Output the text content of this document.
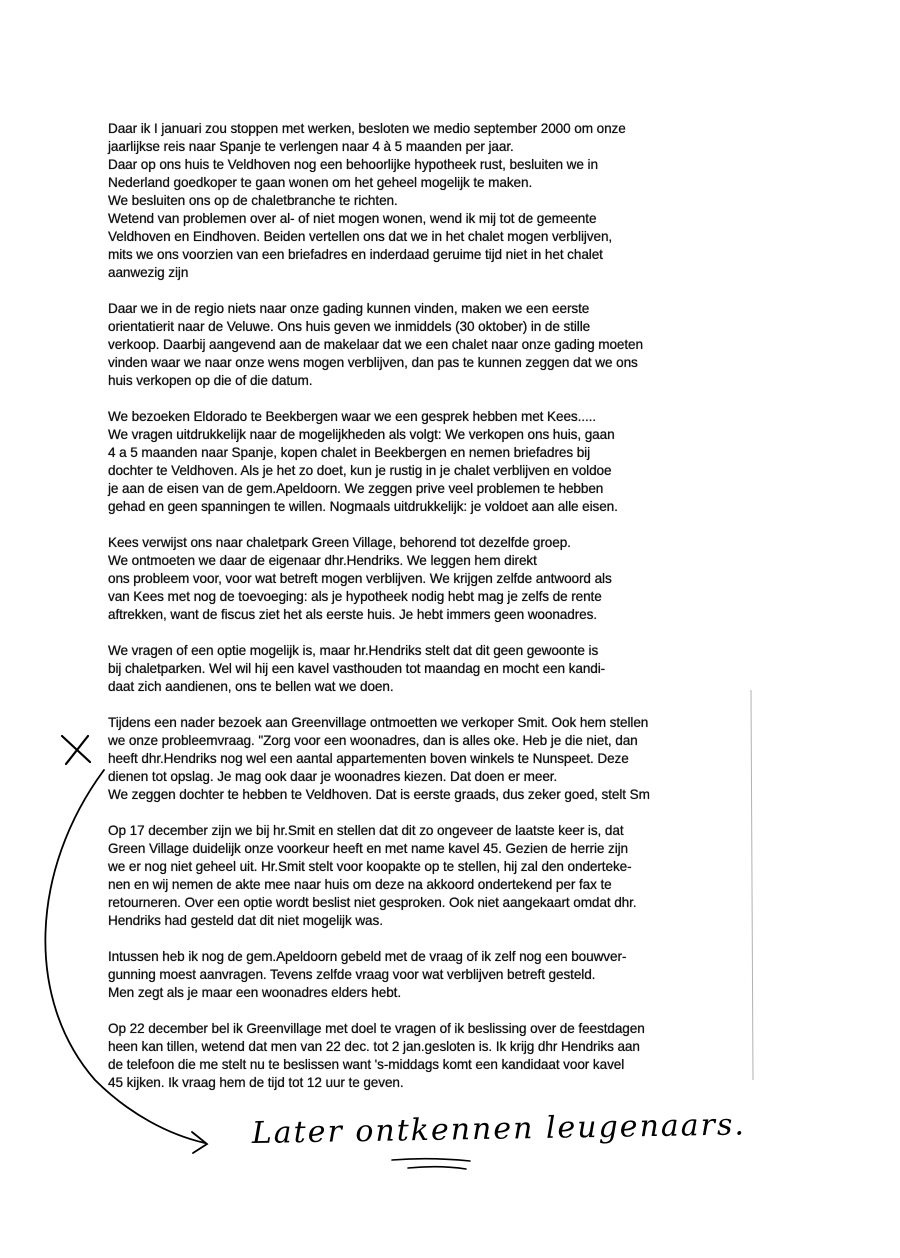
Daar ik I januari zou stoppen met werken, besloten we medio september 2000 om onze
jaarlijkse reis naar Spanje te verlengen naar 4 à 5 maanden per jaar.
Daar op ons huis te Veldhoven nog een behoorlijke hypotheek rust, besluiten we in
Nederland goedkoper te gaan wonen om het geheel mogelijk te maken.
We besluiten ons op de chaletbranche te richten.
Wetend van problemen over al- of niet mogen wonen, wend ik mij tot de gemeente
Veldhoven en Eindhoven. Beiden vertellen ons dat we in het chalet mogen verblijven,
mits we ons voorzien van een briefadres en inderdaad geruime tijd niet in het chalet
aanwezig zijn
Daar we in de regio niets naar onze gading kunnen vinden, maken we een eerste
orientatierit naar de Veluwe. Ons huis geven we inmiddels (30 oktober) in de stille
verkoop. Daarbij aangevend aan de makelaar dat we een chalet naar onze gading moeten
vinden waar we naar onze wens mogen verblijven, dan pas te kunnen zeggen dat we ons
huis verkopen op die of die datum.
We bezoeken Eldorado te Beekbergen waar we een gesprek hebben met Kees.....
We vragen uitdrukkelijk naar de mogelijkheden als volgt: We verkopen ons huis, gaan
4 a 5 maanden naar Spanje, kopen chalet in Beekbergen en nemen briefadres bij
dochter te Veldhoven. Als je het zo doet, kun je rustig in je chalet verblijven en voldoe
je aan de eisen van de gem.Apeldoorn. We zeggen prive veel problemen te hebben
gehad en geen spanningen te willen. Nogmaals uitdrukkelijk: je voldoet aan alle eisen.
Kees verwijst ons naar chaletpark Green Village, behorend tot dezelfde groep.
We ontmoeten we daar de eigenaar dhr.Hendriks. We leggen hem direkt
ons probleem voor, voor wat betreft mogen verblijven. We krijgen zelfde antwoord als
van Kees met nog de toevoeging: als je hypotheek nodig hebt mag je zelfs de rente
aftrekken, want de fiscus ziet het als eerste huis. Je hebt immers geen woonadres.
We vragen of een optie mogelijk is, maar hr.Hendriks stelt dat dit geen gewoonte is
bij chaletparken. Wel wil hij een kavel vasthouden tot maandag en mocht een kandi-
daat zich aandienen, ons te bellen wat we doen.
Tijdens een nader bezoek aan Greenvillage ontmoetten we verkoper Smit. Ook hem stellen
we onze probleemvraag. "Zorg voor een woonadres, dan is alles oke. Heb je die niet, dan
heeft dhr.Hendriks nog wel een aantal appartementen boven winkels te Nunspeet. Deze
dienen tot opslag. Je mag ook daar je woonadres kiezen. Dat doen er meer.
We zeggen dochter te hebben te Veldhoven. Dat is eerste graads, dus zeker goed, stelt Sm
Op 17 december zijn we bij hr.Smit en stellen dat dit zo ongeveer de laatste keer is, dat
Green Village duidelijk onze voorkeur heeft en met name kavel 45. Gezien de herrie zijn
we er nog niet geheel uit. Hr.Smit stelt voor koopakte op te stellen, hij zal den onderteke-
nen en wij nemen de akte mee naar huis om deze na akkoord ondertekend per fax te
retourneren. Over een optie wordt beslist niet gesproken. Ook niet aangekaart omdat dhr.
Hendriks had gesteld dat dit niet mogelijk was.
Intussen heb ik nog de gem.Apeldoorn gebeld met de vraag of ik zelf nog een bouwver-
gunning moest aanvragen. Tevens zelfde vraag voor wat verblijven betreft gesteld.
Men zegt als je maar een woonadres elders hebt.
Op 22 december bel ik Greenvillage met doel te vragen of ik beslissing over de feestdagen
heen kan tillen, wetend dat men van 22 dec. tot 2 jan.gesloten is. Ik krijg dhr Hendriks aan
de telefoon die me stelt nu te beslissen want 's-middags komt een kandidaat voor kavel
45 kijken. Ik vraag hem de tijd tot 12 uur te geven.
Later ontkennen leugenaars.
